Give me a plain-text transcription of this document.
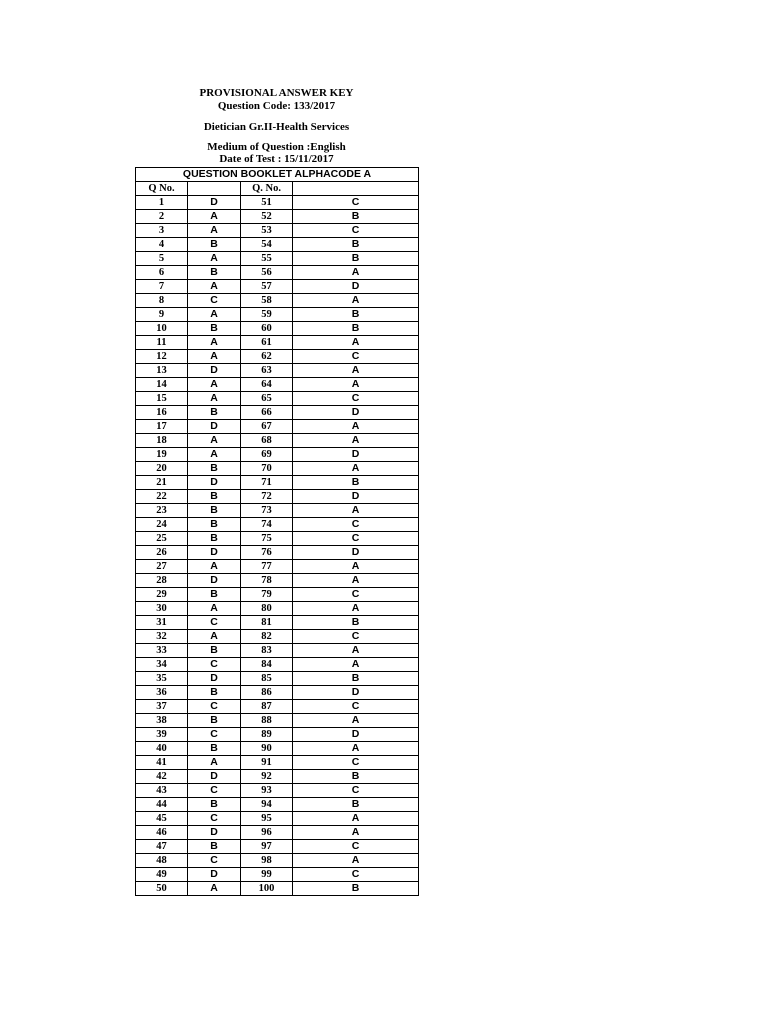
PROVISIONAL ANSWER KEY
Question Code: 133/2017
Dietician Gr.II-Health Services
Medium of Question :English
Date of Test : 15/11/2017
QUESTION BOOKLET ALPHACODE A			
Q No.		Q. No.	
1	D	51	C
2	A	52	B
3	A	53	C
4	B	54	B
5	A	55	B
6	B	56	A
7	A	57	D
8	C	58	A
9	A	59	B
10	B	60	B
11	A	61	A
12	A	62	C
13	D	63	A
14	A	64	A
15	A	65	C
16	B	66	D
17	D	67	A
18	A	68	A
19	A	69	D
20	B	70	A
21	D	71	B
22	B	72	D
23	B	73	A
24	B	74	C
25	B	75	C
26	D	76	D
27	A	77	A
28	D	78	A
29	B	79	C
30	A	80	A
31	C	81	B
32	A	82	C
33	B	83	A
34	C	84	A
35	D	85	B
36	B	86	D
37	C	87	C
38	B	88	A
39	C	89	D
40	B	90	A
41	A	91	C
42	D	92	B
43	C	93	C
44	B	94	B
45	C	95	A
46	D	96	A
47	B	97	C
48	C	98	A
49	D	99	C
50	A	100	B
